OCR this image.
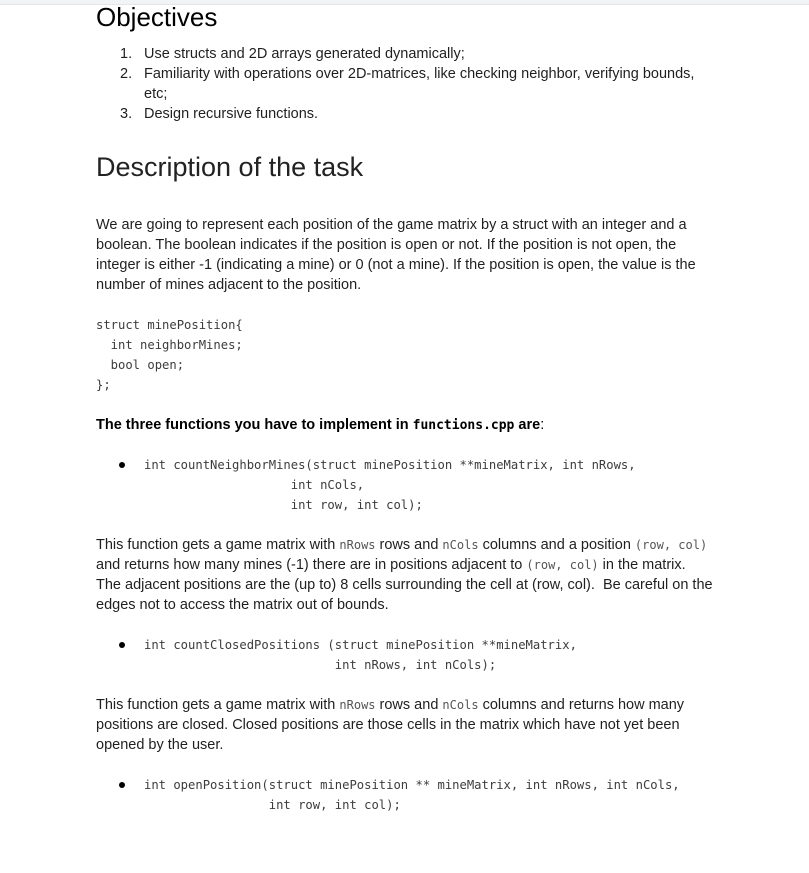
Objectives
1. Use structs and 2D arrays generated dynamically;
2. Familiarity with operations over 2D-matrices, like checking neighbor, verifying bounds,
etc;
3. Design recursive functions.
Description of the task
We are going to represent each position of the game matrix by a struct with an integer and a
boolean. The boolean indicates if the position is open or not. If the position is not open, the
integer is either -1 (indicating a mine) or 0 (not a mine). If the position is open, the value is the
number of mines adjacent to the position.
struct minePosition{
int neighborMines;
bool open;
};
The three functions you have to implement in functions.cpp are:
int countNeighborMines(struct minePosition **mineMatrix, int nRows,
int nCols,
int row, int col);
This function gets a game matrix with nRows rows and nCols columns and a position (row, col)
and returns how many mines (-1) there are in positions adjacent to (row, col) in the matrix.
The adjacent positions are the (up to) 8 cells surrounding the cell at (row, col).  Be careful on the
edges not to access the matrix out of bounds.
int countClosedPositions (struct minePosition **mineMatrix,
int nRows, int nCols);
This function gets a game matrix with nRows rows and nCols columns and returns how many
positions are closed. Closed positions are those cells in the matrix which have not yet been
opened by the user.
int openPosition(struct minePosition ** mineMatrix, int nRows, int nCols,
int row, int col);
